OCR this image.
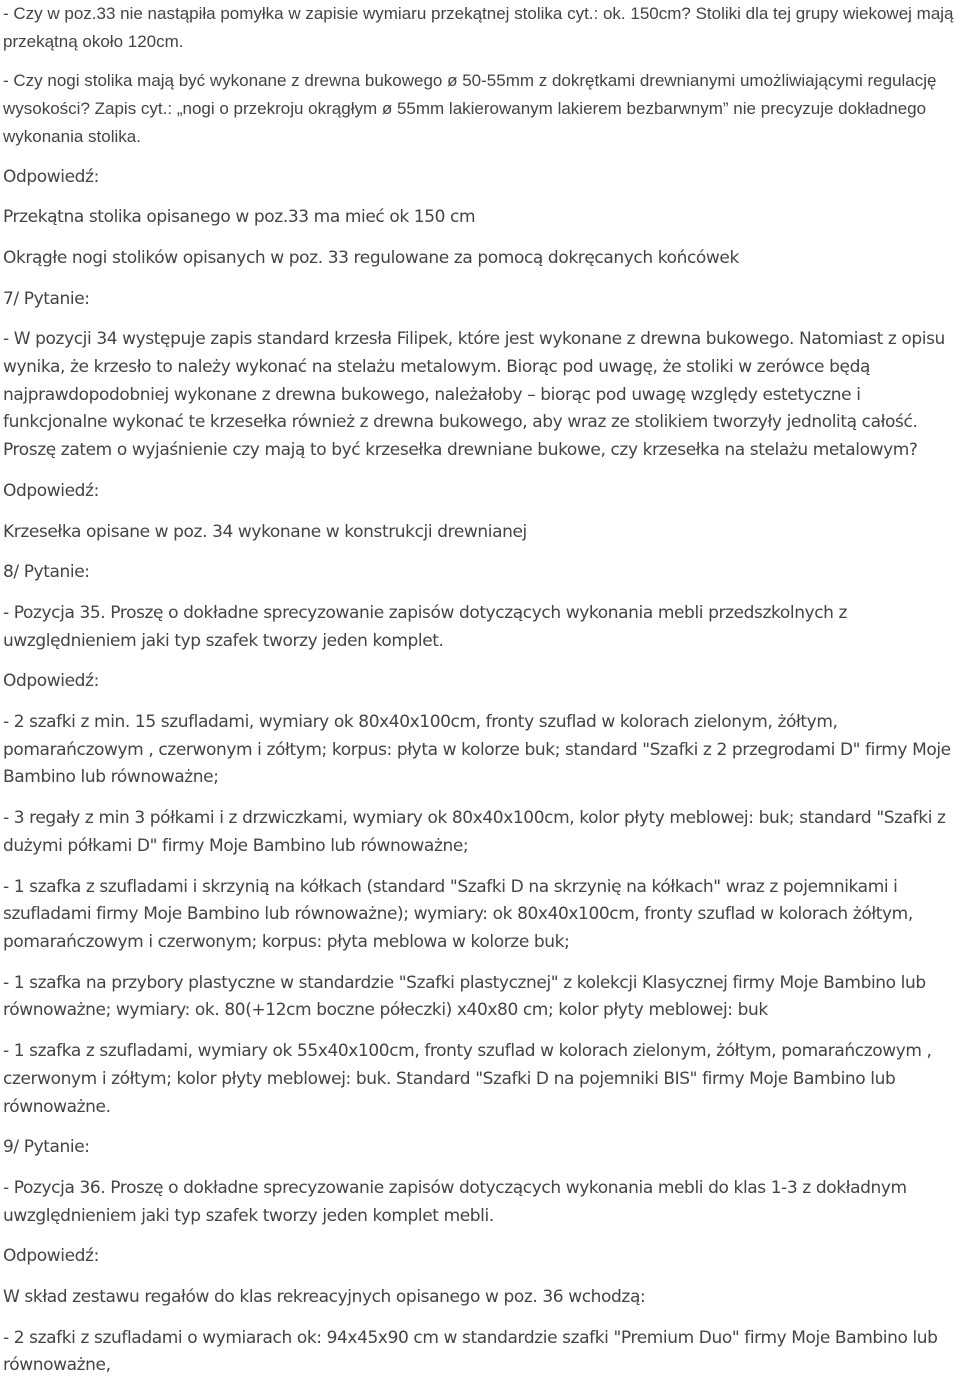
- Czy w poz.33 nie nastąpiła pomyłka w zapisie wymiaru przekątnej stolika cyt.: ok. 150cm? Stoliki dla tej grupy wiekowej mają przekątną około 120cm.

- Czy nogi stolika mają być wykonane z drewna bukowego ø 50-55mm z dokrętkami drewnianymi umożliwiającymi regulację wysokości? Zapis cyt.: „nogi o przekroju okrągłym ø 55mm lakierowanym lakierem bezbarwnym” nie precyzuje dokładnego wykonania stolika.

Odpowiedź:

Przekątna stolika opisanego w poz.33 ma mieć ok 150 cm

Okrągłe nogi stolików opisanych w poz. 33 regulowane za pomocą dokręcanych końcówek

7/ Pytanie:

- W pozycji 34 występuje zapis standard krzesła Filipek, które jest wykonane z drewna bukowego. Natomiast z opisu wynika, że krzesło to należy wykonać na stelażu metalowym. Biorąc pod uwagę, że stoliki w zerówce będą najprawdopodobniej wykonane z drewna bukowego, należałoby – biorąc pod uwagę względy estetyczne i funkcjonalne wykonać te krzesełka również z drewna bukowego, aby wraz ze stolikiem tworzyły jednolitą całość. Proszę zatem o wyjaśnienie czy mają to być krzesełka drewniane bukowe, czy krzesełka na stelażu metalowym?

Odpowiedź:

Krzesełka opisane w poz. 34 wykonane w konstrukcji drewnianej

8/ Pytanie:

- Pozycja 35. Proszę o dokładne sprecyzowanie zapisów dotyczących wykonania mebli przedszkolnych z uwzględnieniem jaki typ szafek tworzy jeden komplet.

Odpowiedź:

- 2 szafki z min. 15 szufladami, wymiary ok 80x40x100cm, fronty szuflad w kolorach zielonym, żółtym, pomarańczowym , czerwonym i zółtym; korpus: płyta w kolorze buk; standard "Szafki z 2 przegrodami D" firmy Moje Bambino lub równoważne;

- 3 regały z min 3 półkami i z drzwiczkami, wymiary ok 80x40x100cm, kolor płyty meblowej: buk; standard "Szafki z dużymi półkami D" firmy Moje Bambino lub równoważne;

- 1 szafka z szufladami i skrzynią na kółkach (standard "Szafki D na skrzynię na kółkach" wraz z pojemnikami i szufladami firmy Moje Bambino lub równoważne); wymiary: ok 80x40x100cm, fronty szuflad w kolorach żółtym, pomarańczowym i czerwonym; korpus: płyta meblowa w kolorze buk;

- 1 szafka na przybory plastyczne w standardzie "Szafki plastycznej" z kolekcji Klasycznej firmy Moje Bambino lub równoważne; wymiary: ok. 80(+12cm boczne półeczki) x40x80 cm; kolor płyty meblowej: buk

- 1 szafka z szufladami, wymiary ok 55x40x100cm, fronty szuflad w kolorach zielonym, żółtym, pomarańczowym , czerwonym i zółtym; kolor płyty meblowej: buk. Standard "Szafki D na pojemniki BIS" firmy Moje Bambino lub równoważne.

9/ Pytanie:

- Pozycja 36. Proszę o dokładne sprecyzowanie zapisów dotyczących wykonania mebli do klas 1-3 z dokładnym uwzględnieniem jaki typ szafek tworzy jeden komplet mebli.

Odpowiedź:

W skład zestawu regałów do klas rekreacyjnych opisanego w poz. 36 wchodzą:

- 2 szafki z szufladami o wymiarach ok: 94x45x90 cm w standardzie szafki "Premium Duo" firmy Moje Bambino lub równoważne,
